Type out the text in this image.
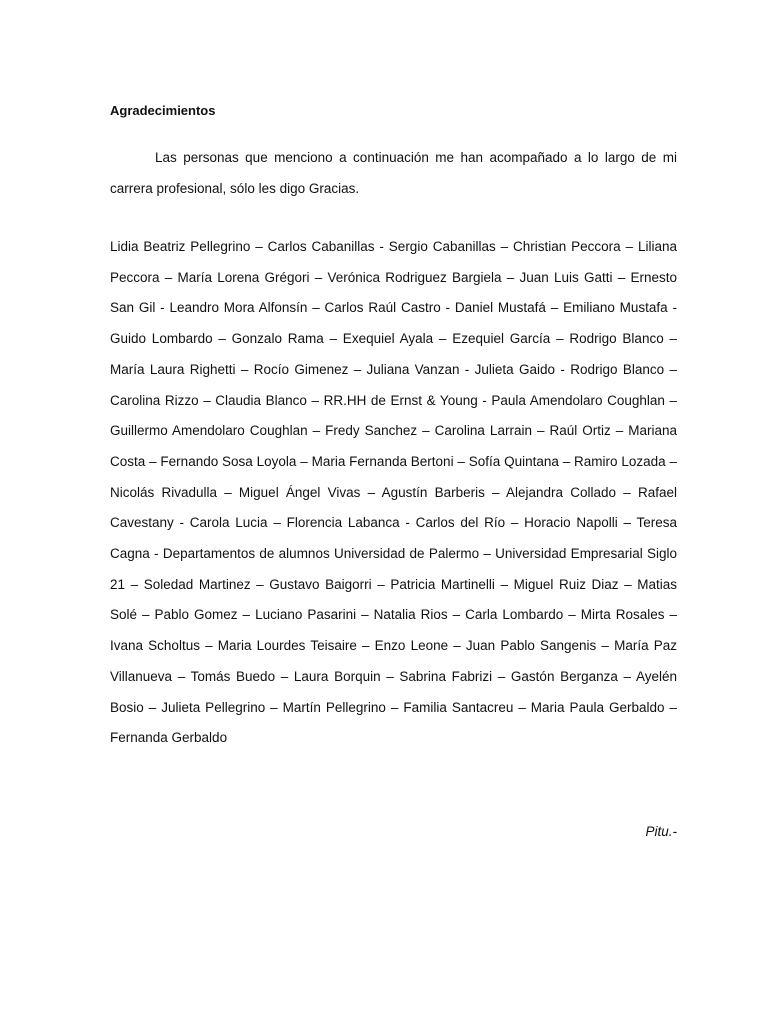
Agradecimientos

Las personas que menciono a continuación me han acompañado a lo largo de mi carrera profesional, sólo les digo Gracias.

Lidia Beatriz Pellegrino – Carlos Cabanillas - Sergio Cabanillas – Christian Peccora – Liliana Peccora – María Lorena Grégori – Verónica Rodriguez Bargiela – Juan Luis Gatti – Ernesto San Gil - Leandro Mora Alfonsín – Carlos Raúl Castro - Daniel Mustafá – Emiliano Mustafa - Guido Lombardo – Gonzalo Rama – Exequiel Ayala – Ezequiel García – Rodrigo Blanco – María Laura Righetti – Rocío Gimenez – Juliana Vanzan - Julieta Gaido - Rodrigo Blanco – Carolina Rizzo – Claudia Blanco – RR.HH de Ernst & Young - Paula Amendolaro Coughlan – Guillermo Amendolaro Coughlan – Fredy Sanchez – Carolina Larrain – Raúl Ortiz – Mariana Costa – Fernando Sosa Loyola – Maria Fernanda Bertoni – Sofía Quintana – Ramiro Lozada – Nicolás Rivadulla – Miguel Ángel Vivas – Agustín Barberis – Alejandra Collado – Rafael Cavestany - Carola Lucia – Florencia Labanca - Carlos del Río – Horacio Napolli – Teresa Cagna - Departamentos de alumnos Universidad de Palermo – Universidad Empresarial Siglo 21 – Soledad Martinez – Gustavo Baigorri – Patricia Martinelli – Miguel Ruiz Diaz – Matias Solé – Pablo Gomez – Luciano Pasarini – Natalia Rios – Carla Lombardo – Mirta Rosales – Ivana Scholtus – Maria Lourdes Teisaire – Enzo Leone – Juan Pablo Sangenis – María Paz Villanueva – Tomás Buedo – Laura Borquin – Sabrina Fabrizi – Gastón Berganza – Ayelén Bosio – Julieta Pellegrino – Martín Pellegrino – Familia Santacreu – Maria Paula Gerbaldo – Fernanda Gerbaldo

Pitu.-
